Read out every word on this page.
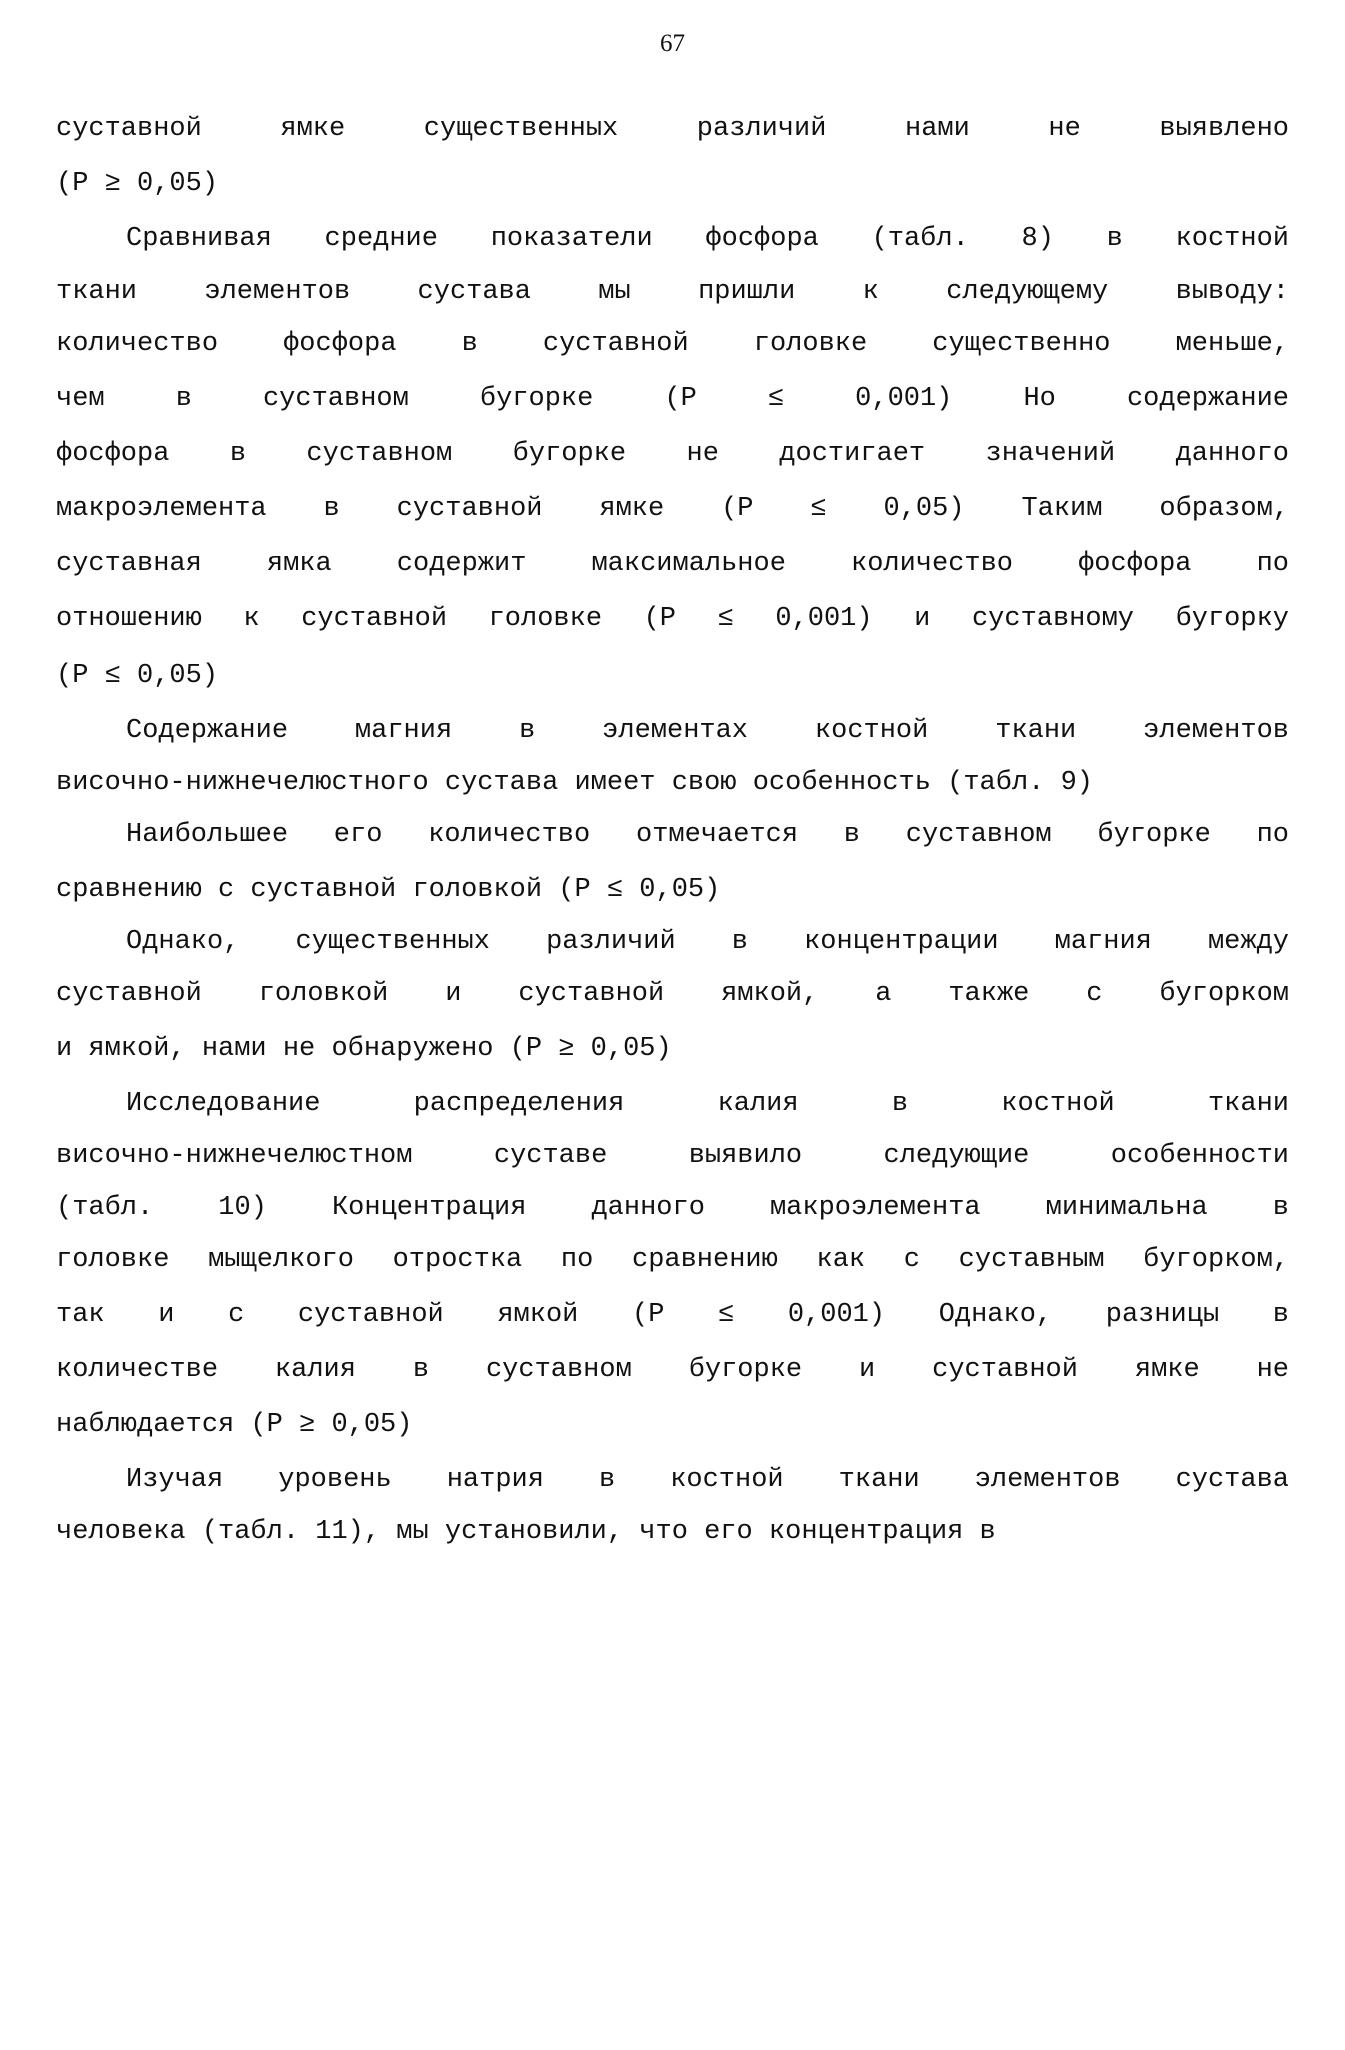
67
суставной ямке существенных различий нами не выявлено
(Р ≥ 0,05)
Сравнивая средние показатели фосфора (табл. 8) в костной
ткани элементов сустава мы пришли к следующему выводу:
количество фосфора в суставной головке существенно меньше,
чем в суставном бугорке (Р ≤ 0,001) Но содержание
фосфора в суставном бугорке не достигает значений данного
макроэлемента в суставной ямке (Р ≤ 0,05) Таким образом,
суставная ямка содержит максимальное количество фосфора по
отношению к суставной головке (Р ≤ 0,001) и суставному бугорку
(Р ≤ 0,05)
Содержание магния в элементах костной ткани элементов
височно-нижнечелюстного сустава имеет свою особенность (табл. 9)
Наибольшее его количество отмечается в суставном бугорке по
сравнению с суставной головкой (Р ≤ 0,05)
Однако, существенных различий в концентрации магния между
суставной головкой и суставной ямкой, а также с бугорком
и ямкой, нами не обнаружено (Р ≥ 0,05)
Исследование распределения калия в костной ткани
височно-нижнечелюстном суставе выявило следующие особенности
(табл. 10) Концентрация данного макроэлемента минимальна в
головке мыщелкого отростка по сравнению как с суставным бугорком,
так и с суставной ямкой (Р ≤ 0,001) Однако, разницы в
количестве калия в суставном бугорке и суставной ямке не
наблюдается (Р ≥ 0,05)
Изучая уровень натрия в костной ткани элементов сустава
человека (табл. 11), мы установили, что его концентрация в
